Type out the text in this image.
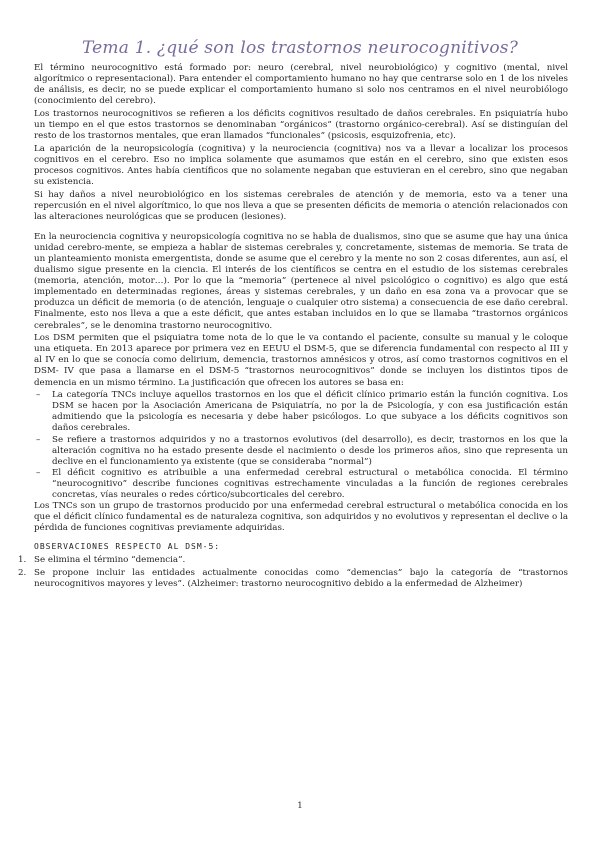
Tema 1. ¿qué son los trastornos neurocognitivos?

El término neurocognitivo está formado por: neuro (cerebral, nivel neurobiológico) y cognitivo (mental, nivel algorítmico o representacional). Para entender el comportamiento humano no hay que centrarse solo en 1 de los niveles de análisis, es decir, no se puede explicar el comportamiento humano si solo nos centramos en el nivel neurobiólogo (conocimiento del cerebro).

Los trastornos neurocognitivos se refieren a los déficits cognitivos resultado de daños cerebrales. En psiquiatría hubo un tiempo en el que estos trastornos se denominaban “orgánicos” (trastorno orgánico-cerebral). Así se distinguían del resto de los trastornos mentales, que eran llamados “funcionales” (psicosis, esquizofrenia, etc).

La aparición de la neuropsicología (cognitiva) y la neurociencia (cognitiva) nos va a llevar a localizar los procesos cognitivos en el cerebro. Eso no implica solamente que asumamos que están en el cerebro, sino que existen esos procesos cognitivos. Antes había científicos que no solamente negaban que estuvieran en el cerebro, sino que negaban su existencia.

Si hay daños a nivel neurobiológico en los sistemas cerebrales de atención y de memoria, esto va a tener una repercusión en el nivel algorítmico, lo que nos lleva a que se presenten déficits de memoria o atención relacionados con las alteraciones neurológicas que se producen (lesiones).

En la neurociencia cognitiva y neuropsicología cognitiva no se habla de dualismos, sino que se asume que hay una única unidad cerebro-mente, se empieza a hablar de sistemas cerebrales y, concretamente, sistemas de memoria. Se trata de un planteamiento monista emergentista, donde se asume que el cerebro y la mente no son 2 cosas diferentes, aun así, el dualismo sigue presente en la ciencia. El interés de los científicos se centra en el estudio de los sistemas cerebrales (memoria, atención, motor…). Por lo que la “memoria” (pertenece al nivel psicológico o cognitivo) es algo que está implementado en determinadas regiones, áreas y sistemas cerebrales, y un daño en esa zona va a provocar que se produzca un déficit de memoria (o de atención, lenguaje o cualquier otro sistema) a consecuencia de ese daño cerebral. Finalmente, esto nos lleva a que a este déficit, que antes estaban incluidos en lo que se llamaba “trastornos orgánicos cerebrales”, se le denomina trastorno neurocognitivo.

Los DSM permiten que el psiquiatra tome nota de lo que le va contando el paciente, consulte su manual y le coloque una etiqueta. En 2013 aparece por primera vez en EEUU el DSM-5, que se diferencia fundamental con respecto al III y al IV en lo que se conocía como delirium, demencia, trastornos amnésicos y otros, así como trastornos cognitivos en el DSM- IV que pasa a llamarse en el DSM-5 “trastornos neurocognitivos” donde se incluyen los distintos tipos de demencia en un mismo término. La justificación que ofrecen los autores se basa en:

– La categoría TNCs incluye aquellos trastornos en los que el déficit clínico primario están la función cognitiva. Los DSM se hacen por la Asociación Americana de Psiquiatría, no por la de Psicología, y con esa justificación están admitiendo que la psicología es necesaria y debe haber psicólogos. Lo que subyace a los déficits cognitivos son daños cerebrales.
– Se refiere a trastornos adquiridos y no a trastornos evolutivos (del desarrollo), es decir, trastornos en los que la alteración cognitiva no ha estado presente desde el nacimiento o desde los primeros años, sino que representa un declive en el funcionamiento ya existente (que se consideraba “normal”)
– El déficit cognitivo es atribuible a una enfermedad cerebral estructural o metabólica conocida. El término “neurocognitivo” describe funciones cognitivas estrechamente vinculadas a la función de regiones cerebrales concretas, vías neurales o redes córtico/subcorticales del cerebro.

Los TNCs son un grupo de trastornos producido por una enfermedad cerebral estructural o metabólica conocida en los que el déficit clínico fundamental es de naturaleza cognitiva, son adquiridos y no evolutivos y representan el declive o la pérdida de funciones cognitivas previamente adquiridas.

OBSERVACIONES RESPECTO AL DSM-5:
1. Se elimina el término “demencia”.
2. Se propone incluir las entidades actualmente conocidas como “demencias” bajo la categoría de “trastornos neurocognitivos mayores y leves”. (Alzheimer: trastorno neurocognitivo debido a la enfermedad de Alzheimer)
1
